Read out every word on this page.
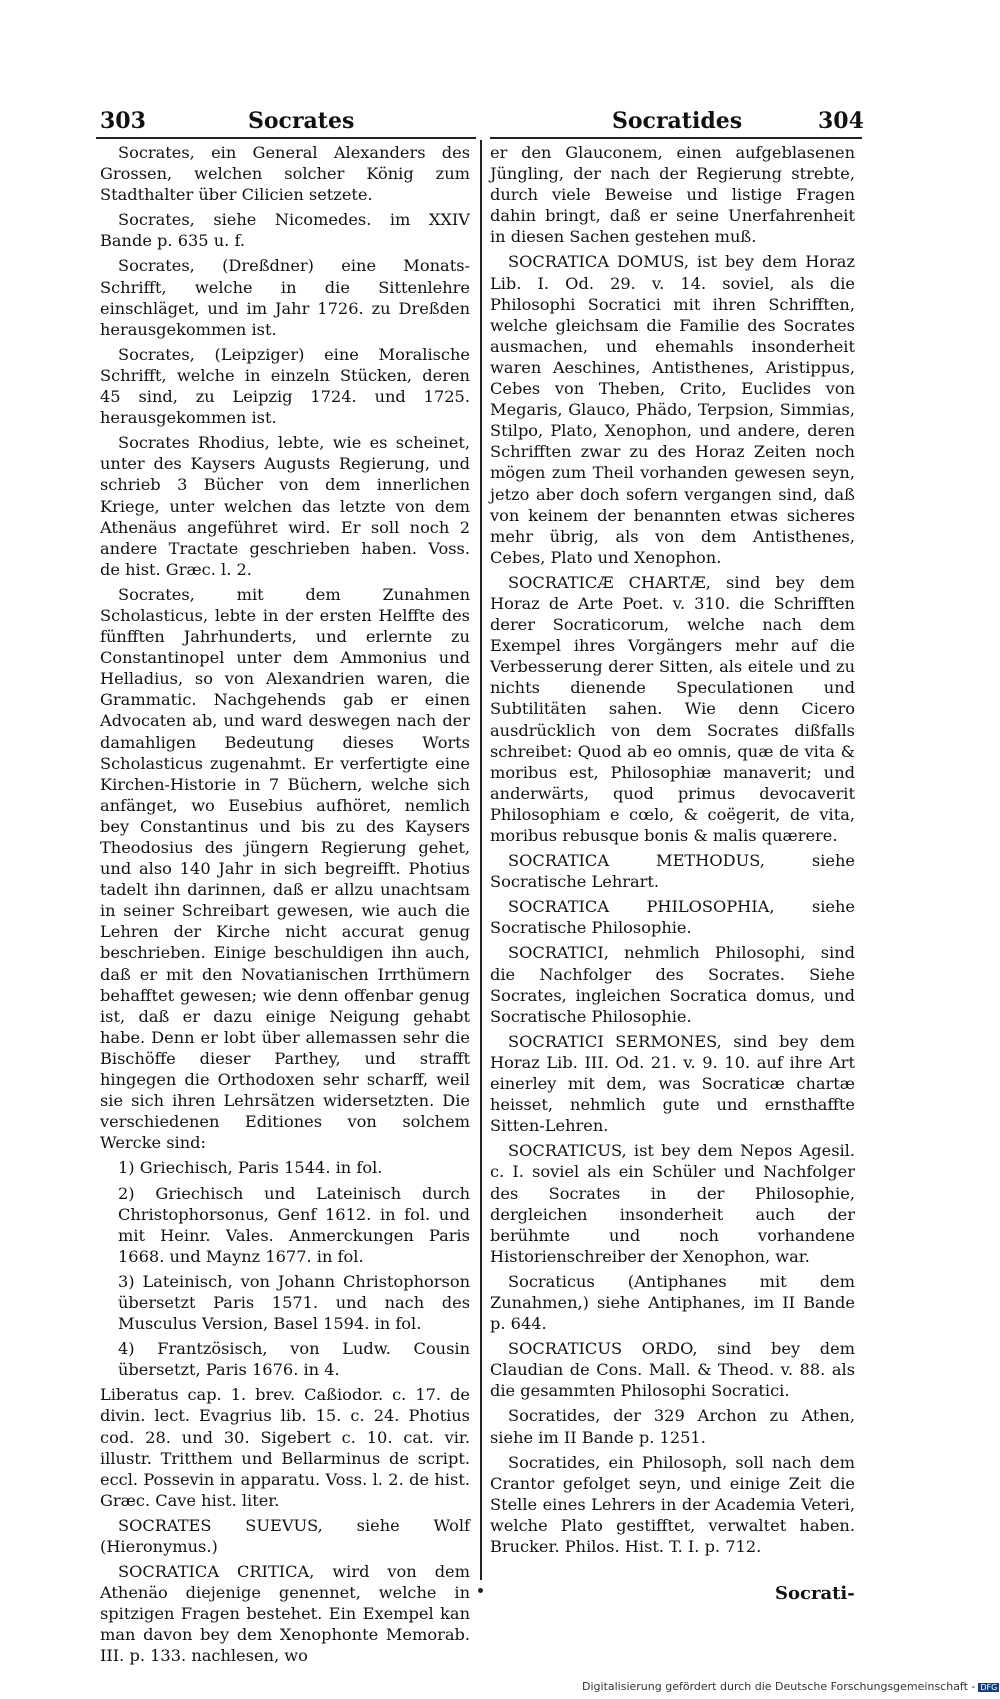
303	Socrates	Socratides	304

Socrates, ein General Alexanders des Grossen, welchen solcher König zum Stadthalter über Cilicien setzete.

Socrates, siehe Nicomedes. im XXIV Bande p. 635 u. f.

Socrates, (Dreßdner) eine Monats-Schrifft, welche in die Sittenlehre einschläget, und im Jahr 1726. zu Dreßden herausgekommen ist.

Socrates, (Leipziger) eine Moralische Schrifft, welche in einzeln Stücken, deren 45 sind, zu Leipzig 1724. und 1725. herausgekommen ist.

Socrates Rhodius, lebte, wie es scheinet, unter des Kaysers Augusts Regierung, und schrieb 3 Bücher von dem innerlichen Kriege, unter welchen das letzte von dem Athenäus angeführet wird. Er soll noch 2 andere Tractate geschrieben haben. Voss. de hist. Græc. l. 2.

Socrates, mit dem Zunahmen Scholasticus, lebte in der ersten Helffte des fünfften Jahrhunderts, und erlernte zu Constantinopel unter dem Ammonius und Helladius, so von Alexandrien waren, die Grammatic. Nachgehends gab er einen Advocaten ab, und ward deswegen nach der damahligen Bedeutung dieses Worts Scholasticus zugenahmt. Er verfertigte eine Kirchen-Historie in 7 Büchern, welche sich anfänget, wo Eusebius aufhöret, nemlich bey Constantinus und bis zu des Kaysers Theodosius des jüngern Regierung gehet, und also 140 Jahr in sich begreifft. Photius tadelt ihn darinnen, daß er allzu unachtsam in seiner Schreibart gewesen, wie auch die Lehren der Kirche nicht accurat genug beschrieben. Einige beschuldigen ihn auch, daß er mit den Novatianischen Irrthümern behafftet gewesen; wie denn offenbar genug ist, daß er dazu einige Neigung gehabt habe. Denn er lobt über allemassen sehr die Bischöffe dieser Parthey, und strafft hingegen die Orthodoxen sehr scharff, weil sie sich ihren Lehrsätzen widersetzten. Die verschiedenen Editiones von solchem Wercke sind:

1) Griechisch, Paris 1544. in fol.

2) Griechisch und Lateinisch durch Christophorsonus, Genf 1612. in fol. und mit Heinr. Vales. Anmerckungen Paris 1668. und Maynz 1677. in fol.

3) Lateinisch, von Johann Christophorson übersetzt Paris 1571. und nach des Musculus Version, Basel 1594. in fol.

4) Frantzösisch, von Ludw. Cousin übersetzt, Paris 1676. in 4.

Liberatus cap. 1. brev. Caßiodor. c. 17. de divin. lect. Evagrius lib. 15. c. 24. Photius cod. 28. und 30. Sigebert c. 10. cat. vir. illustr. Tritthem und Bellarminus de script. eccl. Possevin in apparatu. Voss. l. 2. de hist. Græc. Cave hist. liter.

SOCRATES SUEVUS, siehe Wolf (Hieronymus.)

SOCRATICA CRITICA, wird von dem Athenäo diejenige genennet, welche in spitzigen Fragen bestehet. Ein Exempel kan man davon bey dem Xenophonte Memorab. III. p. 133. nachlesen, wo

er den Glauconem, einen aufgeblasenen Jüngling, der nach der Regierung strebte, durch viele Beweise und listige Fragen dahin bringt, daß er seine Unerfahrenheit in diesen Sachen gestehen muß.

SOCRATICA DOMUS, ist bey dem Horaz Lib. I. Od. 29. v. 14. soviel, als die Philosophi Socratici mit ihren Schrifften, welche gleichsam die Familie des Socrates ausmachen, und ehemahls insonderheit waren Aeschines, Antisthenes, Aristippus, Cebes von Theben, Crito, Euclides von Megaris, Glauco, Phädo, Terpsion, Simmias, Stilpo, Plato, Xenophon, und andere, deren Schrifften zwar zu des Horaz Zeiten noch mögen zum Theil vorhanden gewesen seyn, jetzo aber doch sofern vergangen sind, daß von keinem der benannten etwas sicheres mehr übrig, als von dem Antisthenes, Cebes, Plato und Xenophon.

SOCRATICÆ CHARTÆ, sind bey dem Horaz de Arte Poet. v. 310. die Schrifften derer Socraticorum, welche nach dem Exempel ihres Vorgängers mehr auf die Verbesserung derer Sitten, als eitele und zu nichts dienende Speculationen und Subtilitäten sahen. Wie denn Cicero ausdrücklich von dem Socrates dißfalls schreibet: Quod ab eo omnis, quæ de vita & moribus est, Philosophiæ manaverit; und anderwärts, quod primus devocaverit Philosophiam e cœlo, & coëgerit, de vita, moribus rebusque bonis & malis quærere.

SOCRATICA METHODUS, siehe Socratische Lehrart.

SOCRATICA PHILOSOPHIA, siehe Socratische Philosophie.

SOCRATICI, nehmlich Philosophi, sind die Nachfolger des Socrates. Siehe Socrates, ingleichen Socratica domus, und Socratische Philosophie.

SOCRATICI SERMONES, sind bey dem Horaz Lib. III. Od. 21. v. 9. 10. auf ihre Art einerley mit dem, was Socraticæ chartæ heisset, nehmlich gute und ernsthaffte Sitten-Lehren.

SOCRATICUS, ist bey dem Nepos Agesil. c. I. soviel als ein Schüler und Nachfolger des Socrates in der Philosophie, dergleichen insonderheit auch der berühmte und noch vorhandene Historienschreiber der Xenophon, war.

Socraticus (Antiphanes mit dem Zunahmen,) siehe Antiphanes, im II Bande p. 644.

SOCRATICUS ORDO, sind bey dem Claudian de Cons. Mall. & Theod. v. 88. als die gesammten Philosophi Socratici.

Socratides, der 329 Archon zu Athen, siehe im II Bande p. 1251.

Socratides, ein Philosoph, soll nach dem Crantor gefolget seyn, und einige Zeit die Stelle eines Lehrers in der Academia Veteri, welche Plato gestifftet, verwaltet haben. Brucker. Philos. Hist. T. I. p. 712.

Socrati-
Digitalisierung gefördert durch die Deutsche Forschungsgemeinschaft - DFG
